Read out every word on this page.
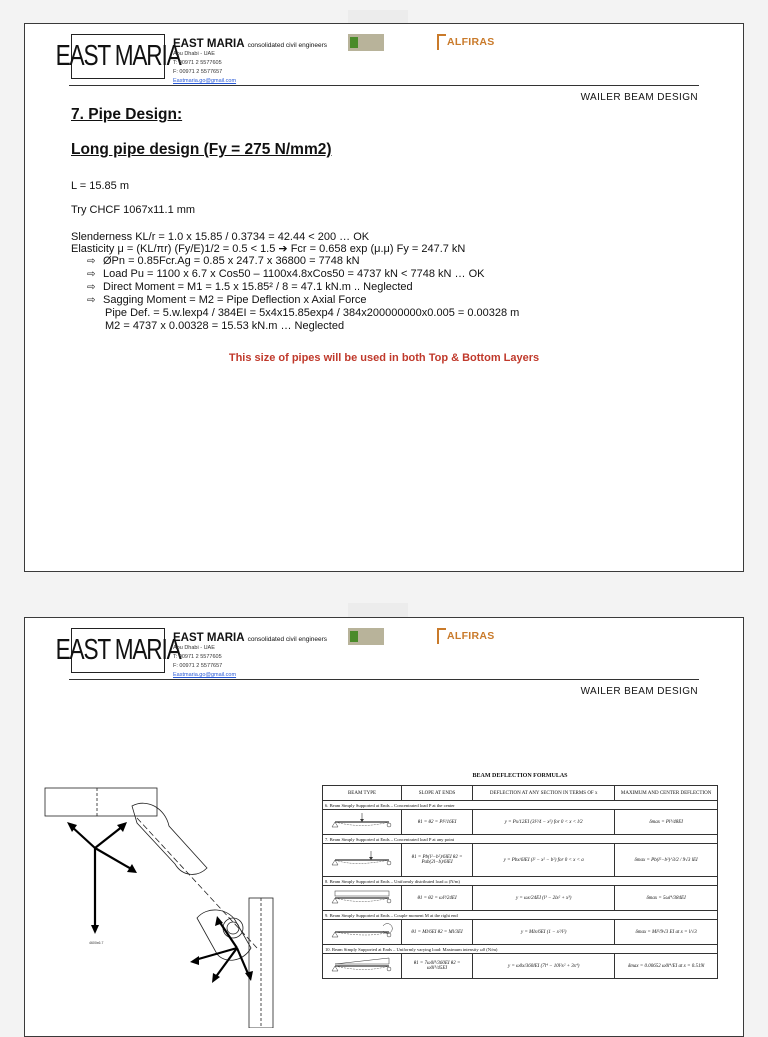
EAST MARIA
EAST MARIA consolidated civil engineers
Abu Dhabi - UAE
T: 00971 2 5577605
F: 00971 2 5577657
Eastmaria.go@gmail.com
ALFIRAS
WAILER BEAM DESIGN
7. Pipe Design:
Long pipe design (Fy = 275 N/mm2)
L = 15.85 m
Try CHCF 1067x11.1 mm
Slenderness KL/r = 1.0 x 15.85 / 0.3734 = 42.44 < 200 … OK
Elasticity μ = (KL/πr) (Fy/E)1/2 = 0.5 < 1.5 ➔ Fcr = 0.658 exp (μ.μ) Fy = 247.7 kN
⇨ ØPn = 0.85Fcr.Ag = 0.85 x 247.7 x 36800 = 7748 kN
⇨ Load Pu = 1100 x 6.7 x Cos50 – 1100x4.8xCos50 = 4737 kN < 7748 kN … OK
⇨ Direct Moment = M1 = 1.5 x 15.85² / 8 = 47.1 kN.m .. Neglected
⇨ Sagging Moment = M2 = Pipe Deflection x Axial Force
Pipe Def. = 5.w.lexp4 / 384EI = 5x4x15.85exp4 / 384x200000000x0.005 = 0.00328 m
M2 = 4737 x 0.00328 = 15.53 kN.m … Neglected
This size of pipes will be used in both Top & Bottom Layers
EAST MARIA
EAST MARIA consolidated civil engineers
Abu Dhabi - UAE
T: 00971 2 5577605
F: 00971 2 5577657
Eastmaria.go@gmail.com
ALFIRAS
WAILER BEAM DESIGN
4600x6.7
BEAM DEFLECTION FORMULAS
BEAM TYPE	SLOPE AT ENDS	DEFLECTION AT ANY SECTION IN TERMS OF x	MAXIMUM AND CENTER DEFLECTION
6. Beam Simply Supported at Ends – Concentrated load P at the center			
	θ1 = θ2 = Pl²/16EI	y = Px/12EI (3l²/4 − x²) for 0 < x < l/2	δmax = Pl³/48EI
7. Beam Simply Supported at Ends – Concentrated load P at any point			
	θ1 = Pb(l²−b²)/6lEI θ2 = Pab(2l−b)/6lEI	y = Pbx/6lEI (l² − x² − b²) for 0 < x < a	δmax = Pb(l²−b²)^3/2 / 9√3 lEI
8. Beam Simply Supported at Ends – Uniformly distributed load ω (N/m)			
	θ1 = θ2 = ωl³/24EI	y = ωx/24EI (l³ − 2lx² + x³)	δmax = 5ωl⁴/384EI
9. Beam Simply Supported at Ends – Couple moment M at the right end			
	θ1 = Ml/6EI θ2 = Ml/3EI	y = Mlx/6EI (1 − x²/l²)	δmax = Ml²/9√3 EI at x = l/√3
10. Beam Simply Supported at Ends – Uniformly varying load: Maximum intensity ω0 (N/m)			
	θ1 = 7ω0l³/360EI θ2 = ω0l³/45EI	y = ω0x/360lEI (7l⁴ − 10l²x² + 3x⁴)	δmax = 0.00652 ω0l⁴/EI at x = 0.519l
